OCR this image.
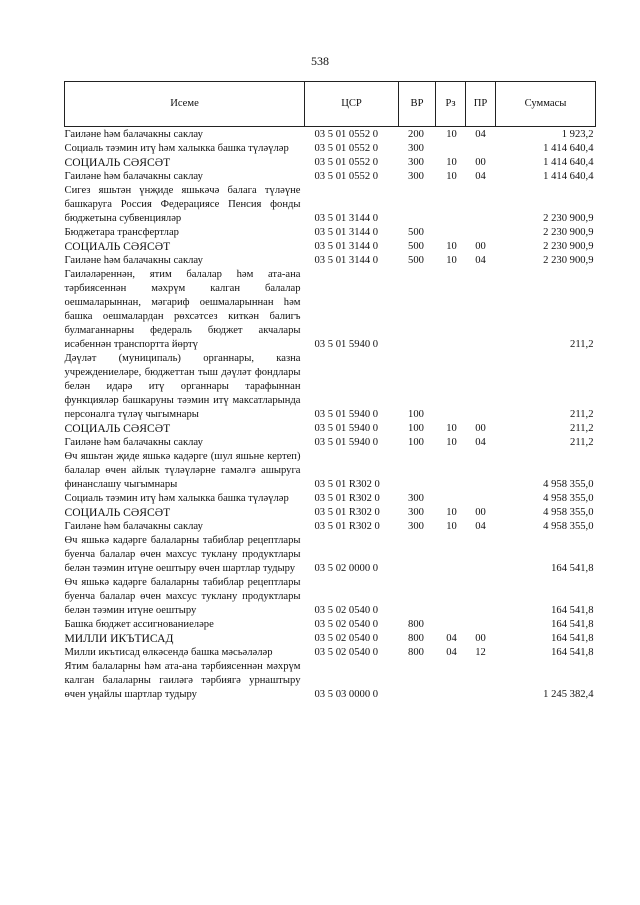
538
Исеме	ЦСР	ВР	Рз	ПР	Суммасы
Гаиләне һәм балачакны саклау	03 5 01 0552 0	200	10	04	1 923,2
Социаль тәэмин итү һәм халыкка башка түләүләр	03 5 01 0552 0	300			1 414 640,4
СОЦИАЛЬ СӘЯСӘТ	03 5 01 0552 0	300	10	00	1 414 640,4
Гаиләне һәм балачакны саклау	03 5 01 0552 0	300	10	04	1 414 640,4
Сигез яшьтән үнҗиде яшькәчә балага түләүне башкаруга Россия Федерациясе Пенсия фонды бюджетына субвенцияләр	03 5 01 3144 0				2 230 900,9
Бюджетара трансфертлар	03 5 01 3144 0	500			2 230 900,9
СОЦИАЛЬ СӘЯСӘТ	03 5 01 3144 0	500	10	00	2 230 900,9
Гаиләне һәм балачакны саклау	03 5 01 3144 0	500	10	04	2 230 900,9
Гаиләләреннән, ятим балалар һәм ата-ана тәрбиясеннән мәхрүм калган балалар оешмаларыннан, мәгариф оешмаларыннан һәм башка оешмалардан рөхсәтсез киткән балигъ булмаганнарны федераль бюджет акчалары исәбеннән транспортта йөртү	03 5 01 5940 0				211,2
Дәүләт (муниципаль) органнары, казна учреждениеләре, бюджеттан тыш дәүләт фондлары белән идарә итү органнары тарафыннан функцияләр башкаруны тәэмин итү максатларында персоналга түләү чыгымнары	03 5 01 5940 0	100			211,2
СОЦИАЛЬ СӘЯСӘТ	03 5 01 5940 0	100	10	00	211,2
Гаиләне һәм балачакны саклау	03 5 01 5940 0	100	10	04	211,2
Өч яшьтән җиде яшькә кадәрге (шул яшьне кертеп) балалар өчен айлык түләүләрне гамәлгә ашыруга финанслашу чыгымнары	03 5 01 R302 0				4 958 355,0
Социаль тәэмин итү һәм халыкка башка түләүләр	03 5 01 R302 0	300			4 958 355,0
СОЦИАЛЬ СӘЯСӘТ	03 5 01 R302 0	300	10	00	4 958 355,0
Гаиләне һәм балачакны саклау	03 5 01 R302 0	300	10	04	4 958 355,0
Өч яшькә кадәрге балаларны табиблар рецептлары буенча балалар өчен махсус туклану продуктлары белән тәэмин итүне оештыру өчен шартлар тудыру	03 5 02 0000 0				164 541,8
Өч яшькә кадәрге балаларны табиблар рецептлары буенча балалар өчен махсус туклану продуктлары белән тәэмин итүне оештыру	03 5 02 0540 0				164 541,8
Башка бюджет ассигнованиеләре	03 5 02 0540 0	800			164 541,8
МИЛЛИ ИКЪТИСАД	03 5 02 0540 0	800	04	00	164 541,8
Милли икътисад өлкәсендә башка мәсьәләләр	03 5 02 0540 0	800	04	12	164 541,8
Ятим балаларны һәм ата-ана тәрбиясеннән мәхрүм калган балаларны гаиләгә тәрбиягә урнаштыру өчен уңайлы шартлар тудыру	03 5 03 0000 0				1 245 382,4
